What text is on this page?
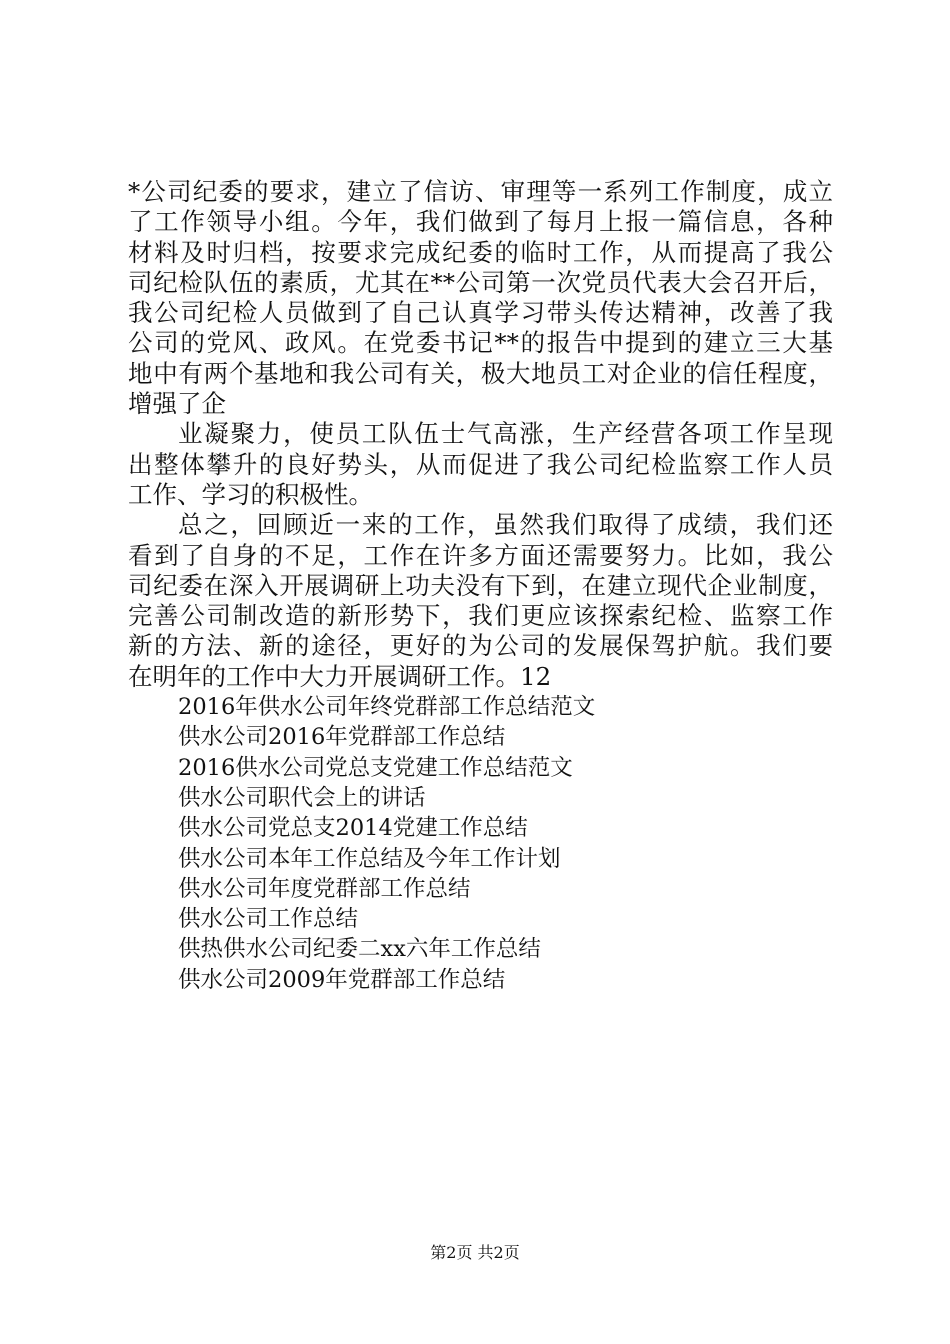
*公司纪委的要求，建立了信访、审理等一系列工作制度，成立
了工作领导小组。今年，我们做到了每月上报一篇信息，各种
材料及时归档，按要求完成纪委的临时工作，从而提高了我公
司纪检队伍的素质，尤其在**公司第一次党员代表大会召开后，
我公司纪检人员做到了自己认真学习带头传达精神，改善了我
公司的党风、政风。在党委书记**的报告中提到的建立三大基
地中有两个基地和我公司有关，极大地员工对企业的信任程度，
增强了企
业凝聚力，使员工队伍士气高涨，生产经营各项工作呈现
出整体攀升的良好势头，从而促进了我公司纪检监察工作人员
工作、学习的积极性。
总之，回顾近一来的工作，虽然我们取得了成绩，我们还
看到了自身的不足，工作在许多方面还需要努力。比如，我公
司纪委在深入开展调研上功夫没有下到，在建立现代企业制度，
完善公司制改造的新形势下，我们更应该探索纪检、监察工作
新的方法、新的途径，更好的为公司的发展保驾护航。我们要
在明年的工作中大力开展调研工作。12
2016年供水公司年终党群部工作总结范文
供水公司2016年党群部工作总结
2016供水公司党总支党建工作总结范文
供水公司职代会上的讲话
供水公司党总支2014党建工作总结
供水公司本年工作总结及今年工作计划
供水公司年度党群部工作总结
供水公司工作总结
供热供水公司纪委二xx六年工作总结
供水公司2009年党群部工作总结
第2页 共2页
